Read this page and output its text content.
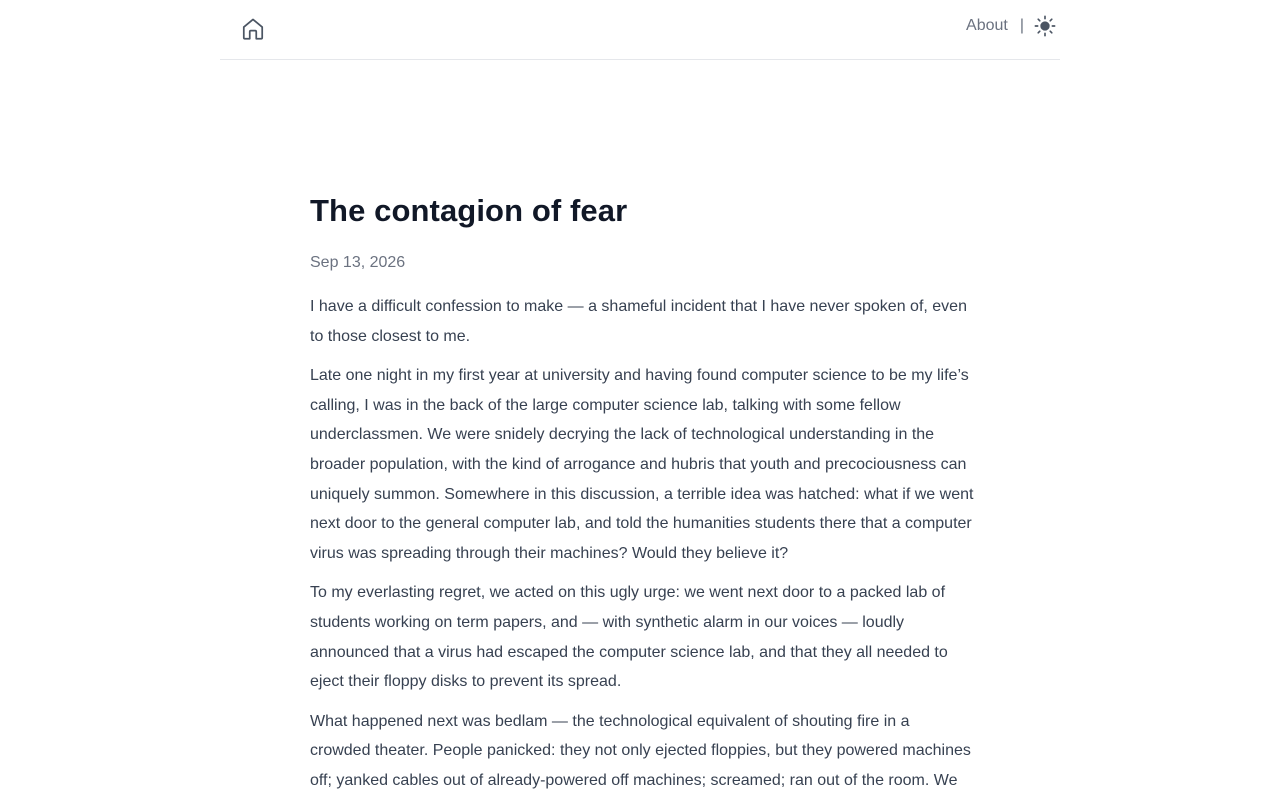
About |
The contagion of fear
Sep 13, 2026

I have a difficult confession to make — a shameful incident that I have never spoken of, even to those closest to me.

Late one night in my first year at university and having found computer science to be my life’s calling, I was in the back of the large computer science lab, talking with some fellow underclassmen. We were snidely decrying the lack of technological understanding in the broader population, with the kind of arrogance and hubris that youth and precociousness can uniquely summon. Somewhere in this discussion, a terrible idea was hatched: what if we went next door to the general computer lab, and told the humanities students there that a computer virus was spreading through their machines? Would they believe it?

To my everlasting regret, we acted on this ugly urge: we went next door to a packed lab of students working on term papers, and — with synthetic alarm in our voices — loudly announced that a virus had escaped the computer science lab, and that they all needed to eject their floppy disks to prevent its spread.

What happened next was bedlam — the technological equivalent of shouting fire in a crowded theater. People panicked: they not only ejected floppies, but they powered machines off; yanked cables out of already-powered off machines; screamed; ran out of the room. We
